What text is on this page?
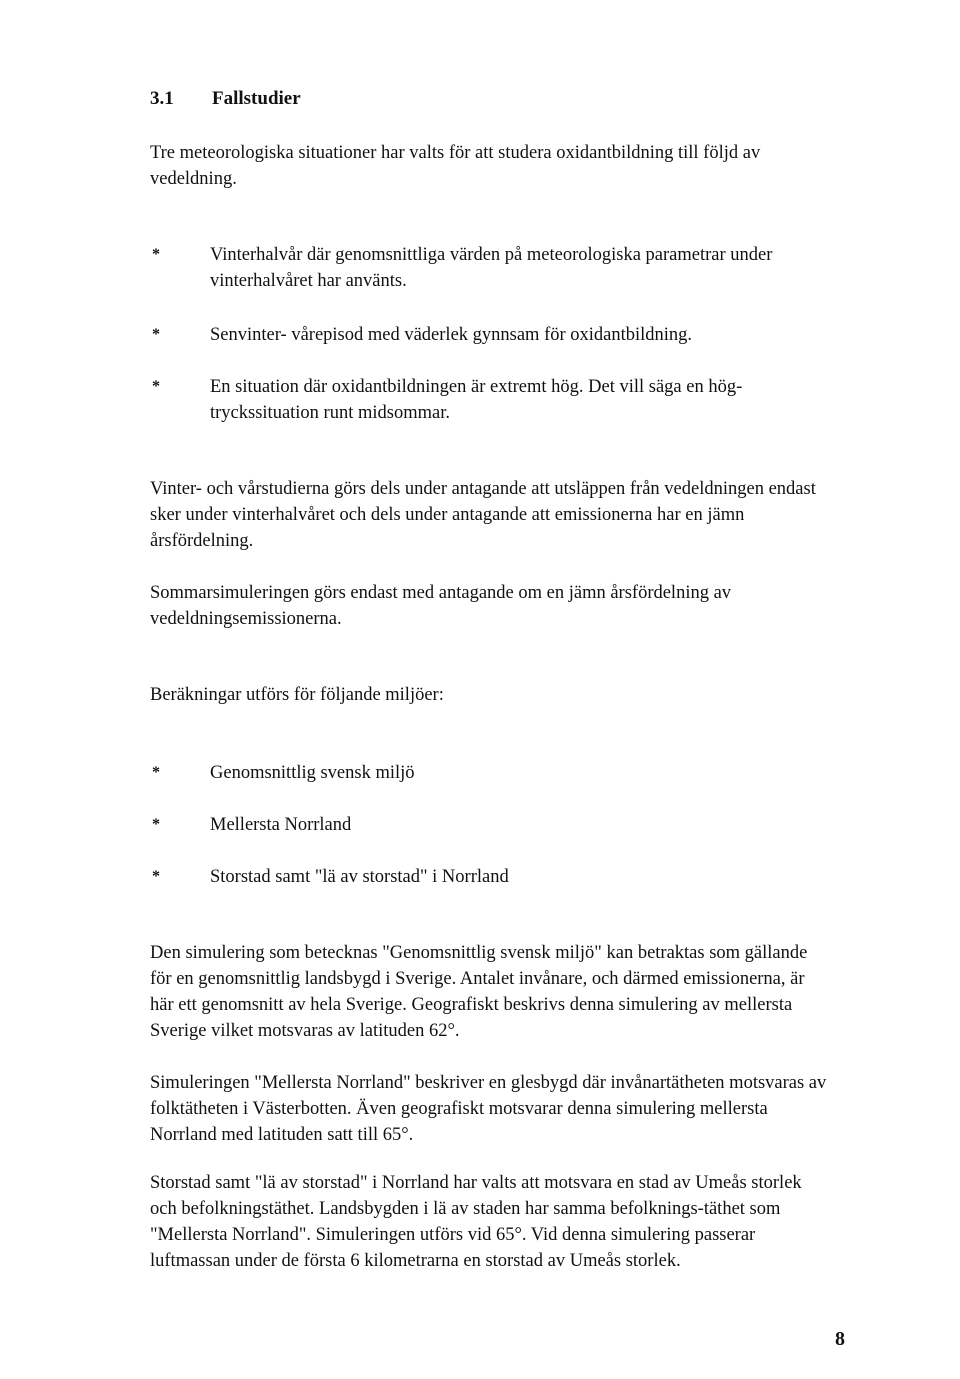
3.1 Fallstudier

Tre meteorologiska situationer har valts för att studera oxidantbildning till följd av vedeldning.

*	Vinterhalvår där genomsnittliga värden på meteorologiska parametrar under vinterhalvåret har använts.
*	Senvinter- vårepisod med väderlek gynnsam för oxidantbildning.
*	En situation där oxidantbildningen är extremt hög. Det vill säga en hög-tryckssituation runt midsommar.

Vinter- och vårstudierna görs dels under antagande att utsläppen från vedeldningen endast sker under vinterhalvåret och dels under antagande att emissionerna har en jämn årsfördelning.

Sommarsimuleringen görs endast med antagande om en jämn årsfördelning av vedeldningsemissionerna.

Beräkningar utförs för följande miljöer:

*	Genomsnittlig svensk miljö
*	Mellersta Norrland
*	Storstad samt "lä av storstad" i Norrland

Den simulering som betecknas "Genomsnittlig svensk miljö" kan betraktas som gällande för en genomsnittlig landsbygd i Sverige. Antalet invånare, och därmed emissionerna, är här ett genomsnitt av hela Sverige. Geografiskt beskrivs denna simulering av mellersta Sverige vilket motsvaras av latituden 62°.

Simuleringen "Mellersta Norrland" beskriver en glesbygd där invånartätheten motsvaras av folktätheten i Västerbotten. Även geografiskt motsvarar denna simulering mellersta Norrland med latituden satt till 65°.

Storstad samt "lä av storstad" i Norrland har valts att motsvara en stad av Umeås storlek och befolkningstäthet. Landsbygden i lä av staden har samma befolknings-täthet som "Mellersta Norrland". Simuleringen utförs vid 65°. Vid denna simulering passerar luftmassan under de första 6 kilometrarna en storstad av Umeås storlek.

8
